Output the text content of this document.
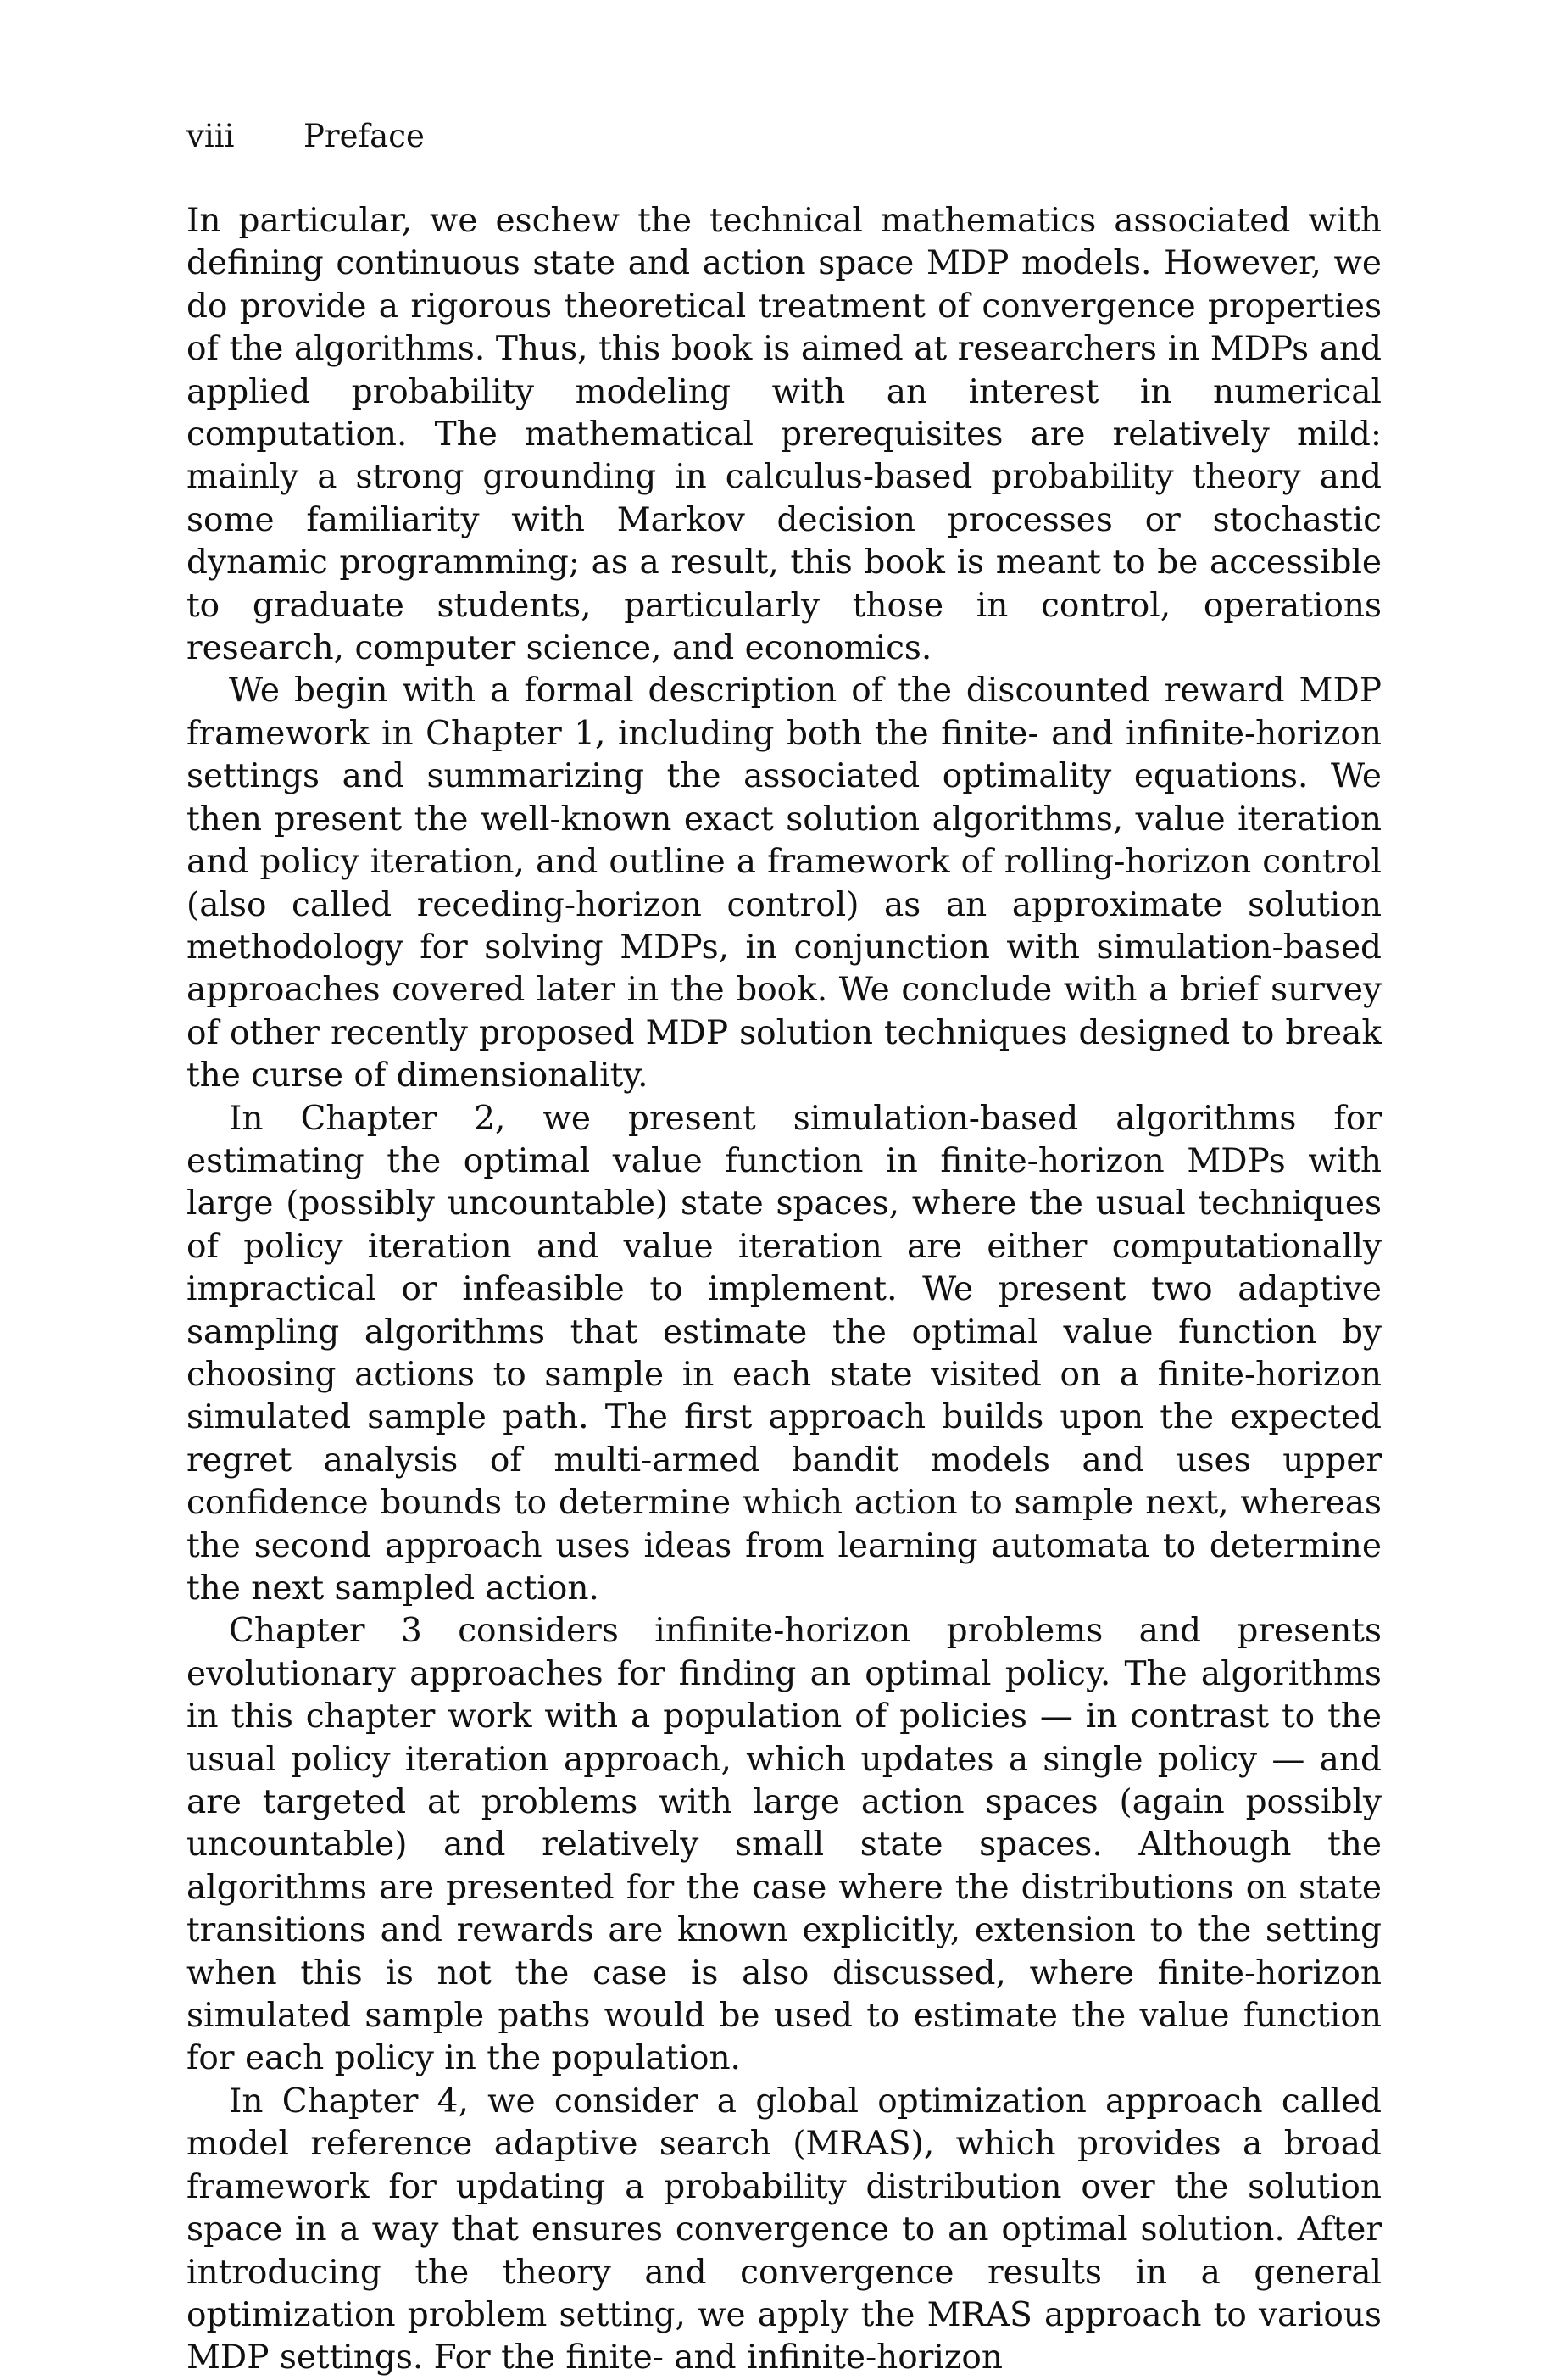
viii Preface

In particular, we eschew the technical mathematics associated with defining continuous state and action space MDP models. However, we do provide a rigorous theoretical treatment of convergence properties of the algorithms. Thus, this book is aimed at researchers in MDPs and applied probability modeling with an interest in numerical computation. The mathematical prerequisites are relatively mild: mainly a strong grounding in calculus-based probability theory and some familiarity with Markov decision processes or stochastic dynamic programming; as a result, this book is meant to be accessible to graduate students, particularly those in control, operations research, computer science, and economics.

We begin with a formal description of the discounted reward MDP framework in Chapter 1, including both the finite- and infinite-horizon settings and summarizing the associated optimality equations. We then present the well-known exact solution algorithms, value iteration and policy iteration, and outline a framework of rolling-horizon control (also called receding-horizon control) as an approximate solution methodology for solving MDPs, in conjunction with simulation-based approaches covered later in the book. We conclude with a brief survey of other recently proposed MDP solution techniques designed to break the curse of dimensionality.

In Chapter 2, we present simulation-based algorithms for estimating the optimal value function in finite-horizon MDPs with large (possibly uncountable) state spaces, where the usual techniques of policy iteration and value iteration are either computationally impractical or infeasible to implement. We present two adaptive sampling algorithms that estimate the optimal value function by choosing actions to sample in each state visited on a finite-horizon simulated sample path. The first approach builds upon the expected regret analysis of multi-armed bandit models and uses upper confidence bounds to determine which action to sample next, whereas the second approach uses ideas from learning automata to determine the next sampled action.

Chapter 3 considers infinite-horizon problems and presents evolutionary approaches for finding an optimal policy. The algorithms in this chapter work with a population of policies — in contrast to the usual policy iteration approach, which updates a single policy — and are targeted at problems with large action spaces (again possibly uncountable) and relatively small state spaces. Although the algorithms are presented for the case where the distributions on state transitions and rewards are known explicitly, extension to the setting when this is not the case is also discussed, where finite-horizon simulated sample paths would be used to estimate the value function for each policy in the population.

In Chapter 4, we consider a global optimization approach called model reference adaptive search (MRAS), which provides a broad framework for updating a probability distribution over the solution space in a way that ensures convergence to an optimal solution. After introducing the theory and convergence results in a general optimization problem setting, we apply the MRAS approach to various MDP settings. For the finite- and infinite-horizon
